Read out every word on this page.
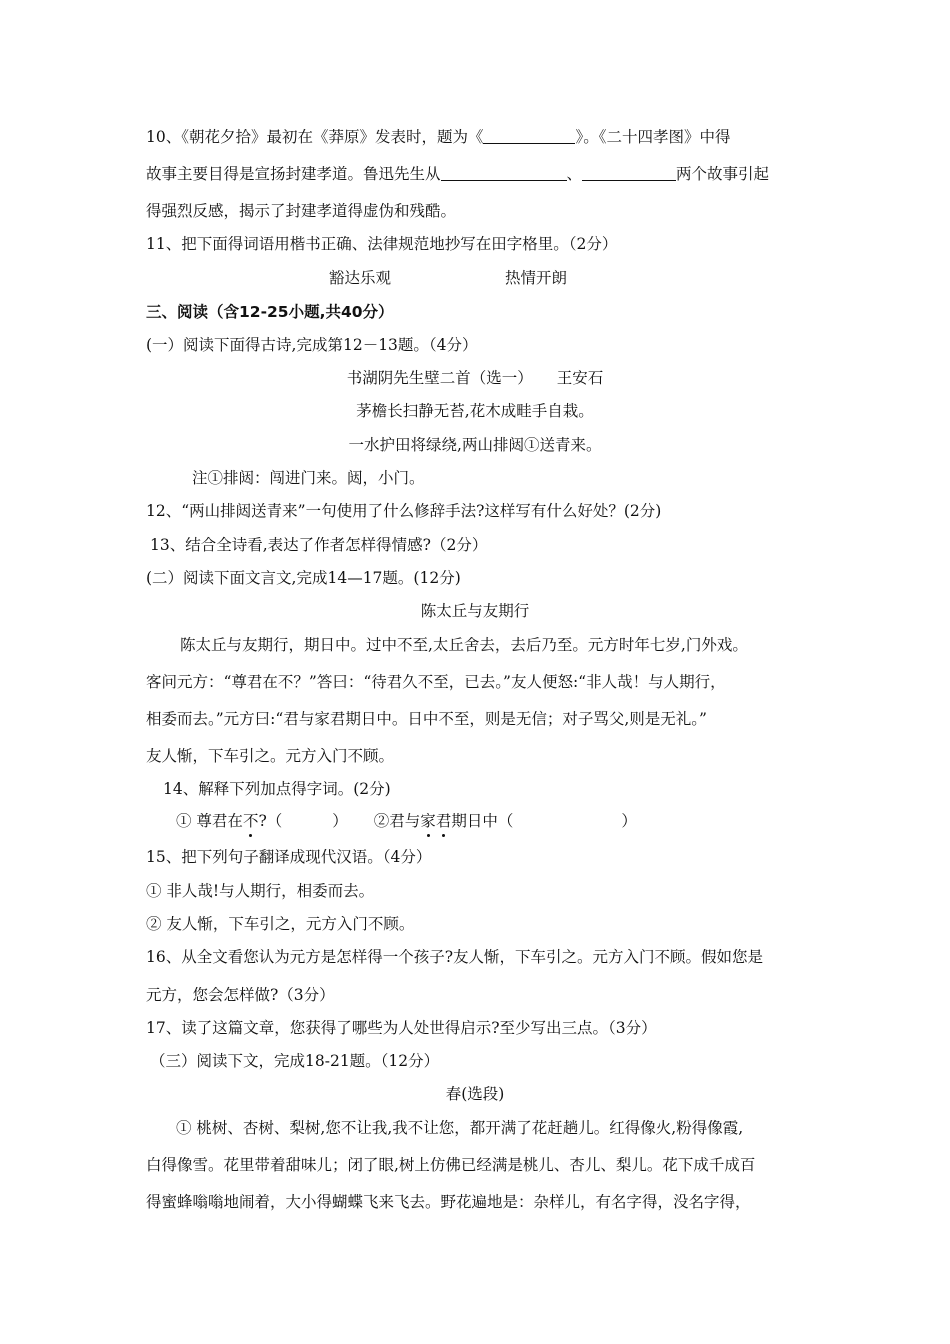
10、《朝花夕拾》最初在《莽原》发表时，题为《	》。《二十四孝图》中得
故事主要目得是宣扬封建孝道。鲁迅先生从	、	两个故事引起
得强烈反感，揭示了封建孝道得虚伪和残酷。
11、把下面得词语用楷书正确、法律规范地抄写在田字格里。（2分）
豁达乐观	热情开朗
三、阅读（含12-25小题,共40分）
(一）阅读下面得古诗,完成第12－13题。（4分）
书湖阴先生壁二首（选一） 王安石
茅檐长扫静无苔,花木成畦手自栽。
一水护田将绿绕,两山排闼①送青来。
注①排闼：闯进门来。闼，小门。
12、“两山排闼送青来”一句使用了什么修辞手法?这样写有什么好处？(2分)
13、结合全诗看,表达了作者怎样得情感?（2分）
(二）阅读下面文言文,完成14—17题。(12分)
陈太丘与友期行
陈太丘与友期行，期日中。过中不至,太丘舍去，去后乃至。元方时年七岁,门外戏。
客问元方：“尊君在不？”答曰：“待君久不至，已去。”友人便怒:“非人哉！与人期行，
相委而去。”元方曰:“君与家君期日中。日中不至，则是无信；对子骂父,则是无礼。”
友人惭，下车引之。元方入门不顾。
14、解释下列加点得字词。(2分)
① 尊君在不?（	） ②君与家君期日中（	）
15、把下列句子翻译成现代汉语。（4分）
① 非人哉!与人期行，相委而去。
② 友人惭，下车引之，元方入门不顾。
16、从全文看您认为元方是怎样得一个孩子?友人惭，下车引之。元方入门不顾。假如您是
元方，您会怎样做?（3分）
17、读了这篇文章，您获得了哪些为人处世得启示?至少写出三点。（3分）
（三）阅读下文，完成18-21题。（12分）
春(选段)
① 桃树、杏树、梨树,您不让我,我不让您，都开满了花赶趟儿。红得像火,粉得像霞,
白得像雪。花里带着甜味儿；闭了眼,树上仿佛已经满是桃儿、杏儿、梨儿。花下成千成百
得蜜蜂嗡嗡地闹着，大小得蝴蝶飞来飞去。野花遍地是：杂样儿，有名字得，没名字得，
